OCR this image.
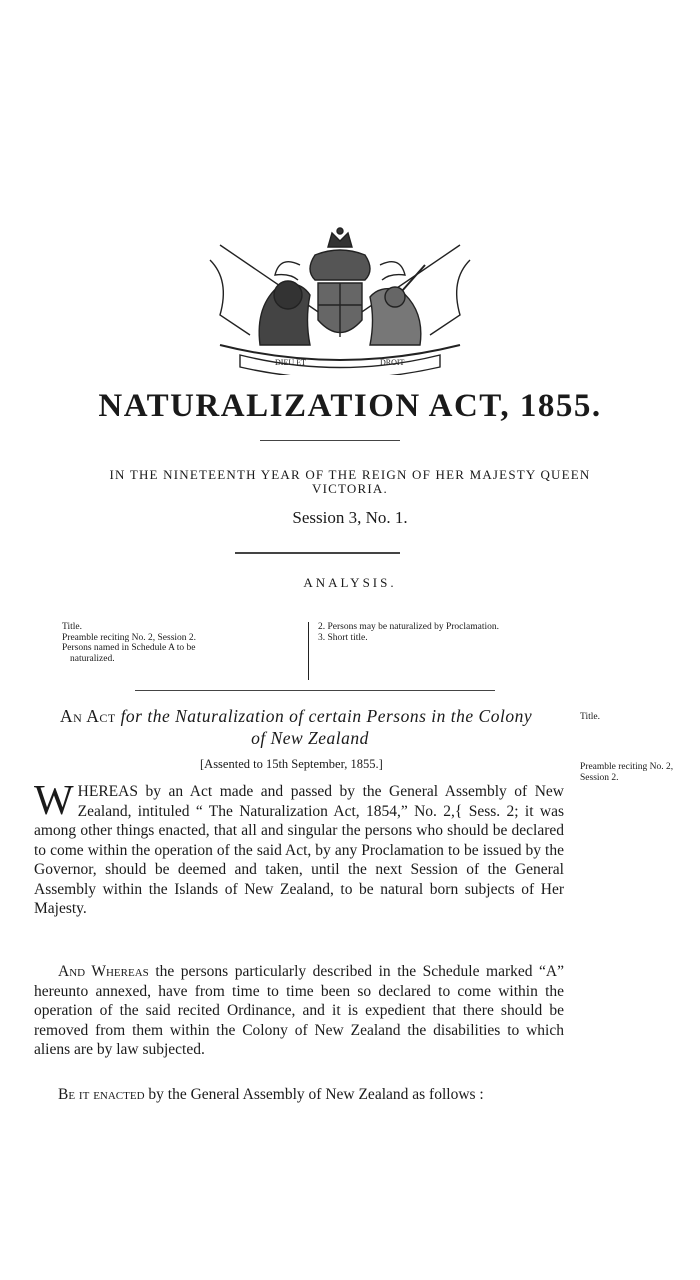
DIEU ET	DROIT
NATURALIZATION ACT, 1855.
IN THE NINETEENTH YEAR OF THE REIGN OF HER MAJESTY QUEEN VICTORIA.
Session 3, No. 1.
ANALYSIS.
Title.
Preamble reciting No. 2, Session 2.
Persons named in Schedule A to be naturalized.
2. Persons may be naturalized by Proclamation.
3. Short title.
An Act for the Naturalization of certain Persons in the Colony
of New Zealand
Title.
[Assented to 15th September, 1855.]	Preamble reciting No. 2, Session 2.
WHEREAS by an Act made and passed by the General Assembly of New Zealand, intituled “ The Naturalization Act, 1854,” No. 2,{ Sess. 2; it was among other things enacted, that all and singular the persons who should be declared to come within the operation of the said Act, by any Proclamation to be issued by the Governor, should be deemed and taken, until the next Session of the General Assembly within the Islands of New Zealand, to be natural born subjects of Her Majesty.
And Whereas the persons particularly described in the Schedule marked “A” hereunto annexed, have from time to time been so declared to come within the operation of the said recited Ordinance, and it is expedient that there should be removed from them within the Colony of New Zealand the disabilities to which aliens are by law subjected.
Be it enacted by the General Assembly of New Zealand as follows :
